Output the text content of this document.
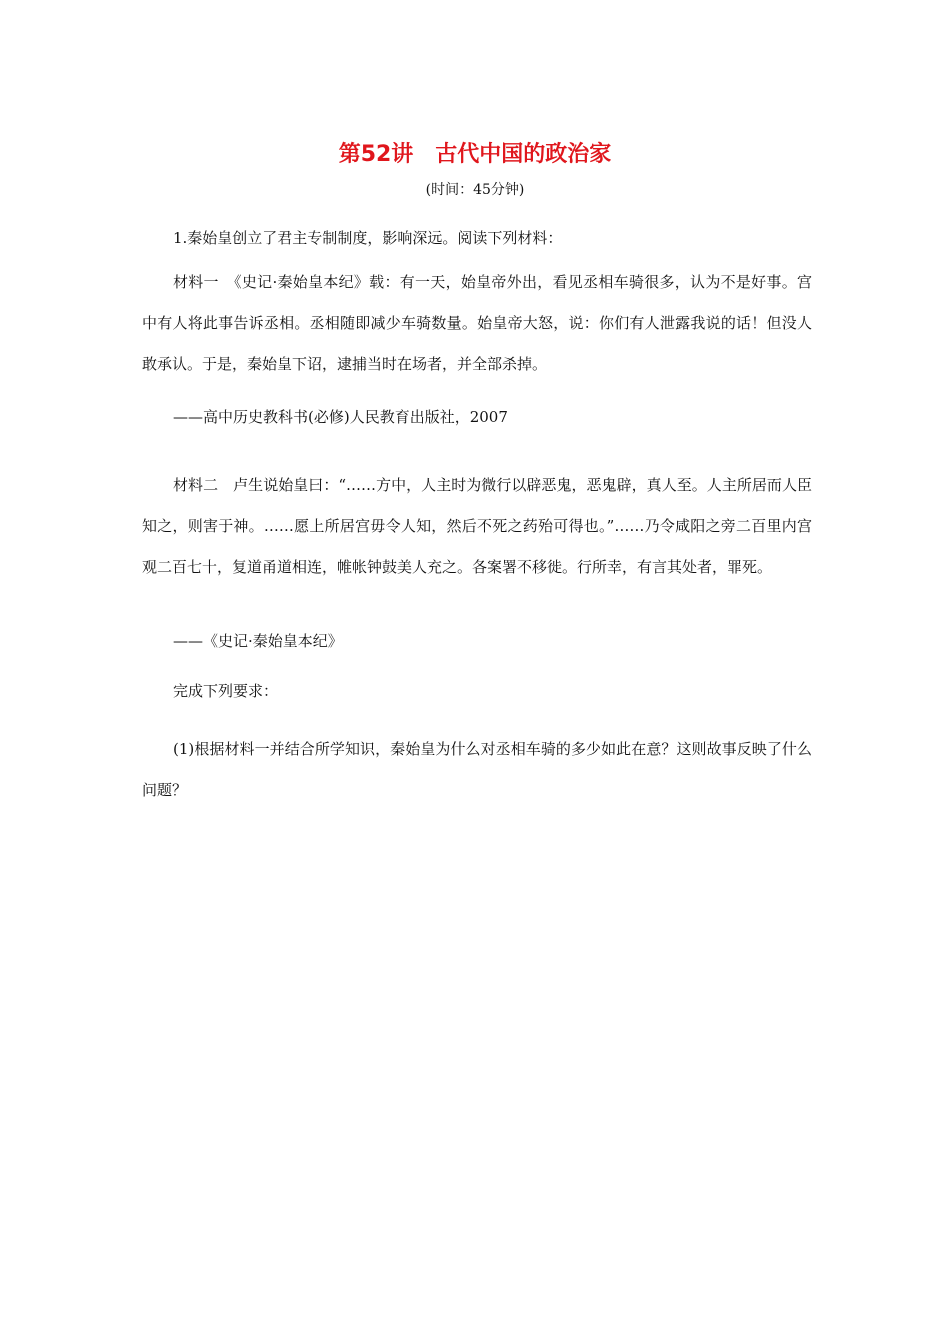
第52讲　古代中国的政治家
(时间：45分钟)

1.秦始皇创立了君主专制制度，影响深远。阅读下列材料：

材料一　《史记·秦始皇本纪》载：有一天，始皇帝外出，看见丞相车骑很多，认为不是好事。宫中有人将此事告诉丞相。丞相随即减少车骑数量。始皇帝大怒，说：你们有人泄露我说的话！但没人敢承认。于是，秦始皇下诏，逮捕当时在场者，并全部杀掉。

——高中历史教科书(必修)人民教育出版社，2007

材料二　卢生说始皇曰：“……方中，人主时为微行以辟恶鬼，恶鬼辟，真人至。人主所居而人臣知之，则害于神。……愿上所居宫毋令人知，然后不死之药殆可得也。”……乃令咸阳之旁二百里内宫观二百七十，复道甬道相连，帷帐钟鼓美人充之。各案署不移徙。行所幸，有言其处者，罪死。

——《史记·秦始皇本纪》

完成下列要求：

(1)根据材料一并结合所学知识，秦始皇为什么对丞相车骑的多少如此在意？这则故事反映了什么问题？
